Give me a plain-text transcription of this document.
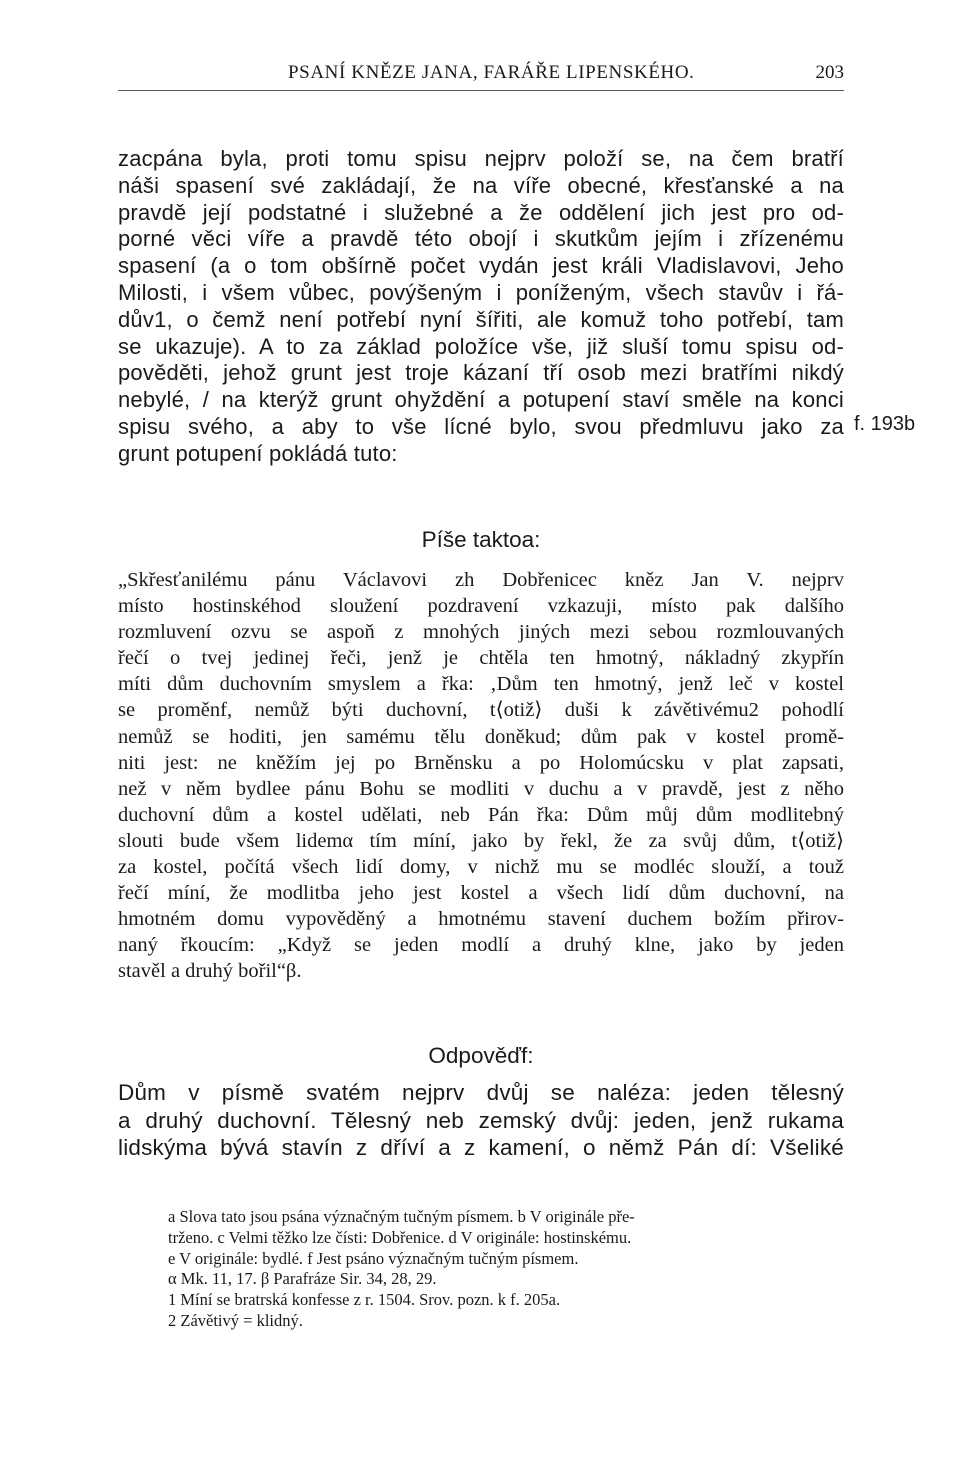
PSANÍ KNĚZE JANA, FARÁŘE LIPENSKÉHO.	203
zacpána byla, proti tomu spisu nejprv položí se, na čem bratří
náši spasení své zakládají, že na víře obecné, křesťanské a na
pravdě její podstatné i služebné a že oddělení jich jest pro od-
porné věci víře a pravdě této obojí i skutkům jejím i zřízenému
spasení (a o tom obšírně počet vydán jest králi Vladislavovi, Jeho
Milosti, i všem vůbec, povýšeným i poníženým, všech stavův i řá-
dův1, o čemž není potřebí nyní šířiti, ale komuž toho potřebí, tam
se ukazuje). A to za základ položíce vše, již sluší tomu spisu od-
pověděti, jehož grunt jest troje kázaní tří osob mezi bratřími nikdý
nebylé, / na kterýž grunt ohyždění a potupení staví směle na konci
spisu svého, a aby to vše lícné bylo, svou předmluvu jako za
grunt potupení pokládá tuto:
f. 193b
Píše taktoa:
„Skřesťanilému pánu Václavovi zh Dobřenicec kněz Jan V. nejprv
místo hostinskéhod sloužení pozdravení vzkazuji, místo pak dalšího
rozmluvení ozvu se aspoň z mnohých jiných mezi sebou rozmlouvaných
řečí o tvej jedinej řeči, jenž je chtěla ten hmotný, nákladný zkypřín
míti dům duchovním smyslem a řka: ‚Dům ten hmotný, jenž leč v kostel
se proměnf, nemůž býti duchovní, t⟨otiž⟩ duši k závětivému2 pohodlí
nemůž se hoditi, jen samému tělu doněkud; dům pak v kostel promě-
niti jest: ne kněžím jej po Brněnsku a po Holomúcsku v plat zapsati,
než v něm bydlee pánu Bohu se modliti v duchu a v pravdě, jest z něho
duchovní dům a kostel udělati, neb Pán řka: Dům můj dům modlitebný
slouti bude všem lidemα tím míní, jako by řekl, že za svůj dům, t⟨otiž⟩
za kostel, počítá všech lidí domy, v nichž mu se modléc slouží, a touž
řečí míní, že modlitba jeho jest kostel a všech lidí dům duchovní, na
hmotném domu vypověděný a hmotnému stavení duchem božím přirov-
naný řkoucím: „Když se jeden modlí a druhý klne, jako by jeden
stavěl a druhý bořil“β.
Odpověďf:
Dům v písmě svatém nejprv dvůj se naléza: jeden tělesný
a druhý duchovní. Tělesný neb zemský dvůj: jeden, jenž rukama
lidskýma bývá stavín z dříví a z kamení, o němž Pán dí: Všeliké
a Slova tato jsou psána význačným tučným písmem. b V originále pře-
trženo. c Velmi těžko lze čísti: Dobřenice. d V originále: hostinskému.
e V originále: bydlé. f Jest psáno význačným tučným písmem.
α Mk. 11, 17. β Parafráze Sir. 34, 28, 29.
1 Míní se bratrská konfesse z r. 1504. Srov. pozn. k f. 205a.
2 Závětivý = klidný.
